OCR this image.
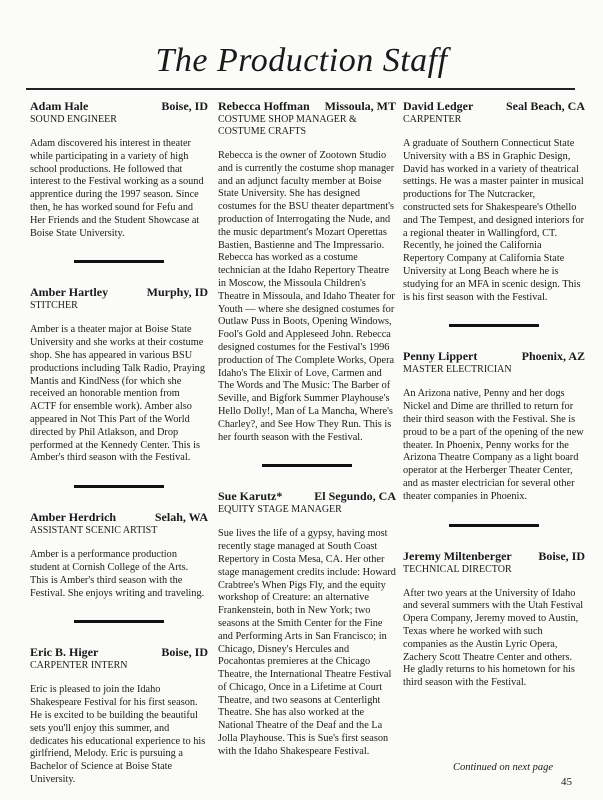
The Production Staff
Adam Hale	Boise, ID
SOUND ENGINEER
Adam discovered his interest in theater while participating in a variety of high school productions. He followed that interest to the Festival working as a sound apprentice during the 1997 season. Since then, he has worked sound for Fefu and Her Friends and the Student Showcase at Boise State University.
Amber Hartley	Murphy, ID
STITCHER
Amber is a theater major at Boise State University and she works at their costume shop. She has appeared in various BSU productions including Talk Radio, Praying Mantis and KindNess (for which she received an honorable mention from ACTF for ensemble work). Amber also appeared in Not This Part of the World directed by Phil Atlakson, and Drop performed at the Kennedy Center. This is Amber's third season with the Festival.
Amber Herdrich	Selah, WA
ASSISTANT SCENIC ARTIST
Amber is a performance production student at Cornish College of the Arts. This is Amber's third season with the Festival. She enjoys writing and traveling.
Eric B. Higer	Boise, ID
CARPENTER INTERN
Eric is pleased to join the Idaho Shakespeare Festival for his first season. He is excited to be building the beautiful sets you'll enjoy this summer, and dedicates his educational experience to his girlfriend, Melody. Eric is pursuing a Bachelor of Science at Boise State University.
Rebecca Hoffman Missoula, MT
COSTUME SHOP MANAGER & COSTUME CRAFTS
Rebecca is the owner of Zootown Studio and is currently the costume shop manager and an adjunct faculty member at Boise State University. She has designed costumes for the BSU theater department's production of Interrogating the Nude, and the music department's Mozart Operettas Bastien, Bastienne and The Impressario. Rebecca has worked as a costume technician at the Idaho Repertory Theatre in Moscow, the Missoula Children's Theatre in Missoula, and Idaho Theater for Youth — where she designed costumes for Outlaw Puss in Boots, Opening Windows, Fool's Gold and Appleseed John. Rebecca designed costumes for the Festival's 1996 production of The Complete Works, Opera Idaho's The Elixir of Love, Carmen and The Words and The Music: The Barber of Seville, and Bigfork Summer Playhouse's Hello Dolly!, Man of La Mancha, Where's Charley?, and See How They Run. This is her fourth season with the Festival.
Sue Karutz*	El Segundo, CA
EQUITY STAGE MANAGER
Sue lives the life of a gypsy, having most recently stage managed at South Coast Repertory in Costa Mesa, CA. Her other stage management credits include: Howard Crabtree's When Pigs Fly, and the equity workshop of Creature: an alternative Frankenstein, both in New York; two seasons at the Smith Center for the Fine and Performing Arts in San Francisco; in Chicago, Disney's Hercules and Pocahontas premieres at the Chicago Theatre, the International Theatre Festival of Chicago, Once in a Lifetime at Court Theatre, and two seasons at Centerlight Theatre. She has also worked at the National Theatre of the Deaf and the La Jolla Playhouse. This is Sue's first season with the Idaho Shakespeare Festival.
David Ledger	Seal Beach, CA
CARPENTER
A graduate of Southern Connecticut State University with a BS in Graphic Design, David has worked in a variety of theatrical settings. He was a master painter in musical productions for The Nutcracker, constructed sets for Shakespeare's Othello and The Tempest, and designed interiors for a regional theater in Wallingford, CT. Recently, he joined the California Repertory Company at California State University at Long Beach where he is studying for an MFA in scenic design. This is his first season with the Festival.
Penny Lippert	Phoenix, AZ
MASTER ELECTRICIAN
An Arizona native, Penny and her dogs Nickel and Dime are thrilled to return for their third season with the Festival. She is proud to be a part of the opening of the new theater. In Phoenix, Penny works for the Arizona Theatre Company as a light board operator at the Herberger Theater Center, and as master electrician for several other theater companies in Phoenix.
Jeremy Miltenberger Boise, ID
TECHNICAL DIRECTOR
After two years at the University of Idaho and several summers with the Utah Festival Opera Company, Jeremy moved to Austin, Texas where he worked with such companies as the Austin Lyric Opera, Zachery Scott Theatre Center and others. He gladly returns to his hometown for his third season with the Festival.
Continued on next page
45
